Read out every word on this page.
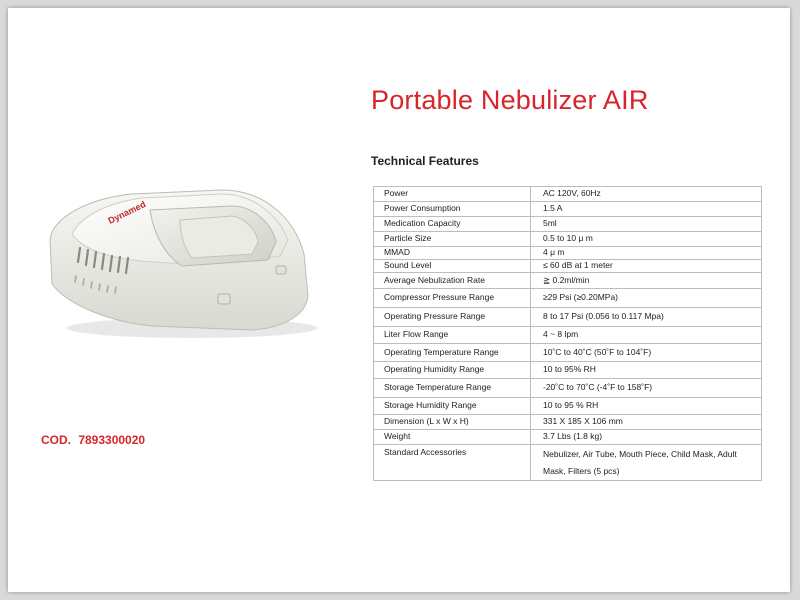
Dynamed
Portable Nebulizer AIR
Technical Features
COD. 7893300020
Power	AC 120V, 60Hz
Power Consumption	1.5 A
Medication Capacity	5ml
Particle Size	0.5 to 10 μ m
MMAD	4 μ m
Sound Level	≤ 60 dB at 1 meter
Average Nebulization Rate	≧ 0.2ml/min
Compressor Pressure Range	≥29 Psi (≥0.20MPa)
Operating Pressure Range	8 to 17 Psi (0.056 to 0.117 Mpa)
Liter Flow Range	4 ~ 8 lpm
Operating Temperature Range	10˚C to 40˚C (50˚F to 104˚F)
Operating Humidity Range	10 to 95% RH
Storage Temperature Range	-20˚C to 70˚C (-4˚F to 158˚F)
Storage Humidity Range	10 to 95 % RH
Dimension (L x W x H)	331 X 185 X 106 mm
Weight	3.7 Lbs (1.8 kg)
Standard Accessories	Nebulizer, Air Tube, Mouth Piece, Child Mask, Adult Mask, Filters (5 pcs)
